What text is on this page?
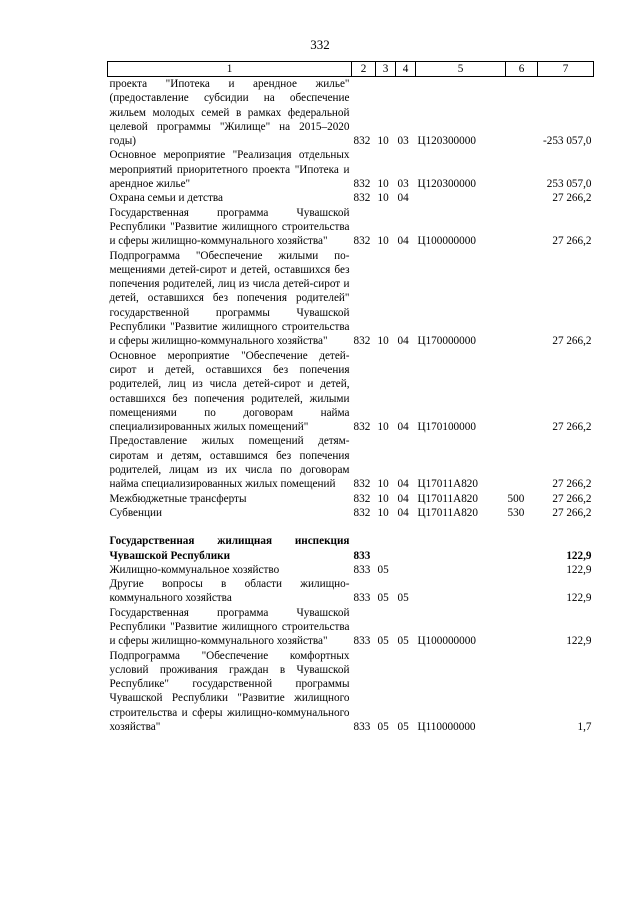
332
1	2	3	4	5	6	7
проекта "Ипотека и арендное жилье" (предоставление субсидии на обеспечение жильем молодых семей в рамках федеральной целевой программы "Жилище" на 2015–2020 годы)	832	10	03	Ц120300000		-253 057,0
Основное мероприятие "Реализация отдельных мероприятий приоритетного проекта "Ипотека и арендное жилье"	832	10	03	Ц120300000		253 057,0
Охрана семьи и детства	832	10	04			27 266,2
Государственная программа Чувашской Республики "Развитие жилищного строительства и сферы жилищно-коммунального хозяйства"	832	10	04	Ц100000000		27 266,2
Подпрограмма "Обеспечение жилыми помещениями детей-сирот и детей, оставшихся без попечения родителей, лиц из числа детей-сирот и детей, оставшихся без попечения родителей" государственной программы Чувашской Республики "Развитие жилищного строительства и сферы жилищно-коммунального хозяйства"	832	10	04	Ц170000000		27 266,2
Основное мероприятие "Обеспечение детей-сирот и детей, оставшихся без попечения родителей, лиц из числа детей-сирот и детей, оставшихся без попечения родителей, жилыми помещениями по договорам найма специализированных жилых помещений"	832	10	04	Ц170100000		27 266,2
Предоставление жилых помещений детям-сиротам и детям, оставшимся без попечения родителей, лицам из их числа по договорам найма специализированных жилых помещений	832	10	04	Ц17011А820		27 266,2
Межбюджетные трансферты	832	10	04	Ц17011А820	500	27 266,2
Субвенции	832	10	04	Ц17011А820	530	27 266,2

Государственная жилищная инспекция Чувашской Республики	833					122,9
Жилищно-коммунальное хозяйство	833	05				122,9
Другие вопросы в области жилищно-коммунального хозяйства	833	05	05			122,9
Государственная программа Чувашской Республики "Развитие жилищного строительства и сферы жилищно-коммунального хозяйства"	833	05	05	Ц100000000		122,9
Подпрограмма "Обеспечение комфортных условий проживания граждан в Чувашской Республике" государственной программы Чувашской Республики "Развитие жилищного строительства и сферы жилищно-коммунального хозяйства"	833	05	05	Ц110000000		1,7
